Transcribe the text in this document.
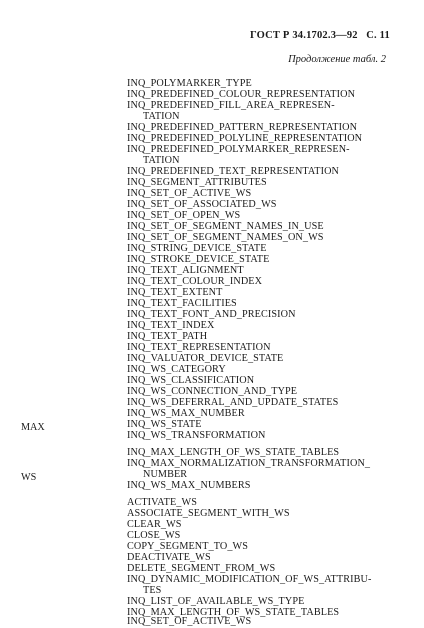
ГОСТ Р 34.1702.3—92 С. 11
Продолжение табл. 2
MAX
WS
INQ_POLYMARKER_TYPE
INQ_PREDEFINED_COLOUR_REPRESENTATION
INQ_PREDEFINED_FILL_AREA_REPRESEN-
TATION
INQ_PREDEFINED_PATTERN_REPRESENTATION
INQ_PREDEFINED_POLYLINE_REPRESENTATION
INQ_PREDEFINED_POLYMARKER_REPRESEN-
TATION
INQ_PREDEFINED_TEXT_REPRESENTATION
INQ_SEGMENT_ATTRIBUTES
INQ_SET_OF_ACTIVE_WS
INQ_SET_OF_ASSOCIATED_WS
INQ_SET_OF_OPEN_WS
INQ_SET_OF_SEGMENT_NAMES_IN_USE
INQ_SET_OF_SEGMENT_NAMES_ON_WS
INQ_STRING_DEVICE_STATE
INQ_STROKE_DEVICE_STATE
INQ_TEXT_ALIGNMENT
INQ_TEXT_COLOUR_INDEX
INQ_TEXT_EXTENT
INQ_TEXT_FACILITIES
INQ_TEXT_FONT_AND_PRECISION
INQ_TEXT_INDEX
INQ_TEXT_PATH
INQ_TEXT_REPRESENTATION
INQ_VALUATOR_DEVICE_STATE
INQ_WS_CATEGORY
INQ_WS_CLASSIFICATION
INQ_WS_CONNECTION_AND_TYPE
INQ_WS_DEFERRAL_AND_UPDATE_STATES
INQ_WS_MAX_NUMBER
INQ_WS_STATE
INQ_WS_TRANSFORMATION
INQ_MAX_LENGTH_OF_WS_STATE_TABLES
INQ_MAX_NORMALIZATION_TRANSFORMATION_
NUMBER
INQ_WS_MAX_NUMBERS
ACTIVATE_WS
ASSOCIATE_SEGMENT_WITH_WS
CLEAR_WS
CLOSE_WS
COPY_SEGMENT_TO_WS
DEACTIVATE_WS
DELETE_SEGMENT_FROM_WS
INQ_DYNAMIC_MODIFICATION_OF_WS_ATTRIBU-
TES
INQ_LIST_OF_AVAILABLE_WS_TYPE
INQ_MAX_LENGTH_OF_WS_STATE_TABLES
INQ_SET_OF_ACTIVE_WS
